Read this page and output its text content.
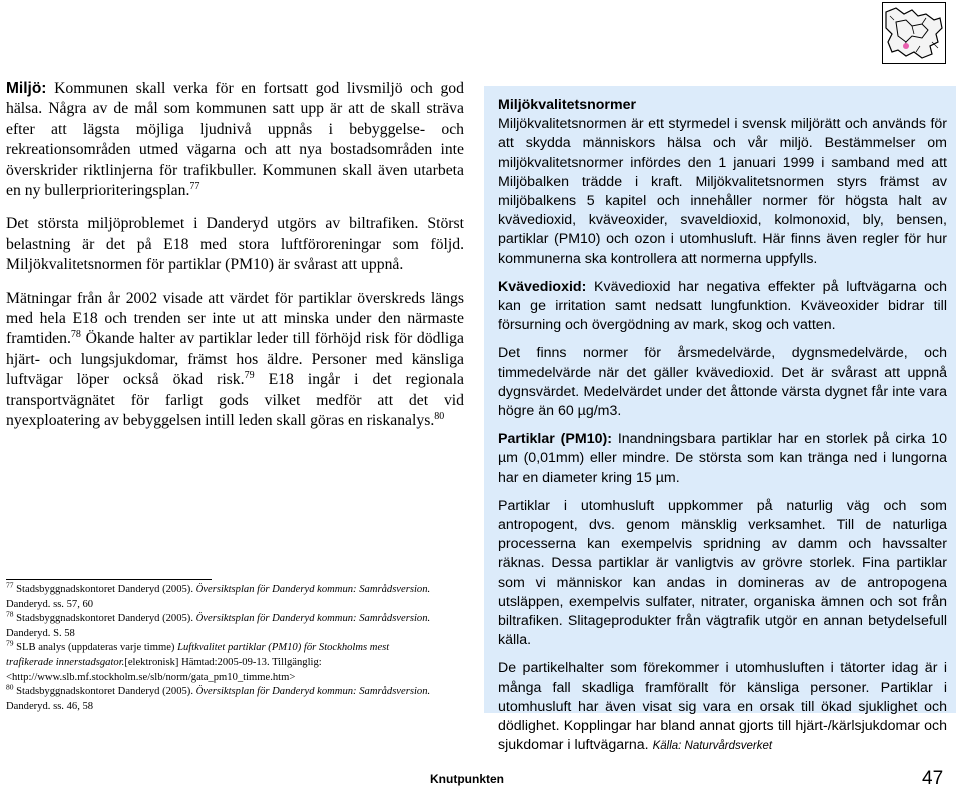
Miljö: Kommunen skall verka för en fortsatt god livsmiljö och god hälsa. Några av de mål som kommunen satt upp är att de skall sträva efter att lägsta möjliga ljudnivå uppnås i bebyggelse- och rekreationsområden utmed vägarna och att nya bostadsområden inte överskrider riktlinjerna för trafikbuller. Kommunen skall även utarbeta en ny bullerprioriteringsplan.$^{77}$

Det största miljöproblemet i Danderyd utgörs av biltrafiken. Störst belastning är det på E18 med stora luftföroreningar som följd. Miljökvalitetsnormen för partiklar (PM10) är svårast att uppnå.

Mätningar från år 2002 visade att värdet för partiklar överskreds längs med hela E18 och trenden ser inte ut att minska under den närmaste framtiden.$^{78}$ Ökande halter av partiklar leder till förhöjd risk för dödliga hjärt- och lungsjukdomar, främst hos äldre. Personer med känsliga luftvägar löper också ökad risk.$^{79}$ E18 ingår i det regionala transportvägnätet för farligt gods vilket medför att det vid nyexploatering av bebyggelsen intill leden skall göras en riskanalys.$^{80}$

$^{77}$ Stadsbyggnadskontoret Danderyd (2005). Översiktsplan för Danderyd kommun: Samrådsversion. Danderyd. ss. 57, 60

$^{78}$ Stadsbyggnadskontoret Danderyd (2005). Översiktsplan för Danderyd kommun: Samrådsversion. Danderyd. S. 58

$^{79}$ SLB analys (uppdateras varje timme) Luftkvalitet partiklar (PM10) för Stockholms mest trafikerade innerstadsgator.[elektronisk] Hämtad:2005-09-13. Tillgänglig: <http://www.slb.mf.stockholm.se/slb/norm/gata_pm10_timme.htm>

$^{80}$ Stadsbyggnadskontoret Danderyd (2005). Översiktsplan för Danderyd kommun: Samrådsversion. Danderyd. ss. 46, 58

Miljökvalitetsnormer
Miljökvalitetsnormen är ett styrmedel i svensk miljörätt och används för att skydda människors hälsa och vår miljö. Bestämmelser om miljökvalitetsnormer infördes den 1 januari 1999 i samband med att Miljöbalken trädde i kraft. Miljökvalitetsnormen styrs främst av miljöbalkens 5 kapitel och innehåller normer för högsta halt av kvävedioxid, kväveoxider, svaveldioxid, kolmonoxid, bly, bensen, partiklar (PM10) och ozon i utomhusluft. Här finns även regler för hur kommunerna ska kontrollera att normerna uppfylls.

Kvävedioxid: Kvävedioxid har negativa effekter på luftvägarna och kan ge irritation samt nedsatt lungfunktion. Kväveoxider bidrar till försurning och övergödning av mark, skog och vatten.

Det finns normer för årsmedelvärde, dygnsmedelvärde, och timmedelvärde när det gäller kvävedioxid. Det är svårast att uppnå dygnsvärdet. Medelvärdet under det åttonde värsta dygnet får inte vara högre än 60 µg/m3.

Partiklar (PM10): Inandningsbara partiklar har en storlek på cirka 10 µm (0,01mm) eller mindre. De största som kan tränga ned i lungorna har en diameter kring 15 µm.

Partiklar i utomhusluft uppkommer på naturlig väg och som antropogent, dvs. genom mänsklig verksamhet. Till de naturliga processerna kan exempelvis spridning av damm och havssalter räknas. Dessa partiklar är vanligtvis av grövre storlek. Fina partiklar som vi människor kan andas in domineras av de antropogena utsläppen, exempelvis sulfater, nitrater, organiska ämnen och sot från biltrafiken. Slitageprodukter från vägtrafik utgör en annan betydelsefull källa.

De partikelhalter som förekommer i utomhusluften i tätorter idag är i många fall skadliga framförallt för känsliga personer. Partiklar i utomhusluft har även visat sig vara en orsak till ökad sjuklighet och dödlighet. Kopplingar har bland annat gjorts till hjärt-/kärlsjukdomar och sjukdomar i luftvägarna. Källa: Naturvårdsverket

Knutpunkten	47
